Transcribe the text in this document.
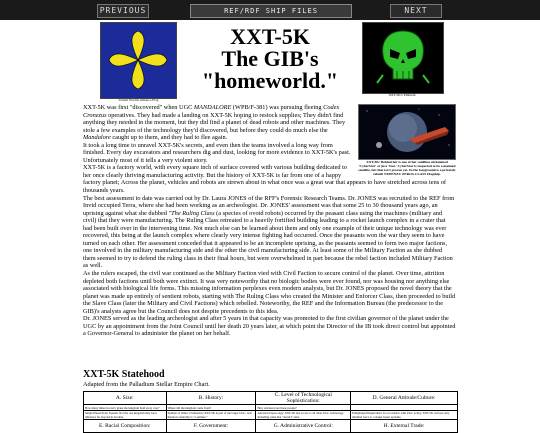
PREVIOUS	REF/RDF SHIP FILES	NEXT
United Worlds Alliance Flag
XXT-5K
The GIB's
"homeworld."
XXT-5K's Emblem
XXT-5K: Behind her is one of her satellites nicknamed 'CyberStar' or just 'Star.' CyberStar is suspected to be a manned satellite, but that isn't proven yet. In the foreground is a privately rebuilt NUPENZU ZEROS-CLASS Flagship.

XXT-5K was first "discovered" when UGC MANDALORE (WPB/F-381) was pursuing fleeing Codex Cronezus operatives. They had made a landing on XXT-5K hoping to restock supplies; They didn't find anything they needed in the moment, but they did find a planet of dead robots and other machines. They stole a few examples of the technology they'd discovered, but before they could do much else the Mandalore caught up to them, and they had to flee again.

It took a long time to unravel XXT-5K's secrets, and even then the teams involved a long way from finished. Every day excavators and researchers dig and dust, looking for more evidence to XXT-5K's past. Unfortunately most of it tells a very violent story.

XXT-5K is a factory world, with every square inch of surface covered with various building dedicated to her once clearly thriving manufacturing activity. But the history of XXT-5K is far from one of a happy factory planet; Across the planet, vehicles and robots are strewn about in what once was a great war that appears to have stretched across tens of thousands years.

The best assessment to date was carried out by Dr. Laura JONES of the RFF's Forensic Research Teams. Dr. JONES was recruited to the REF from Invid occupied Terra, where she had been working as an archeologist. Dr. JONES' assessment was that some 25 to 30 thousand years ago, an uprising against what she dubbed "The Ruling Class (a species of ovoid robots) occurred by the peasant class using the machines (military and civil) that they were manufacturing. The Ruling Class retreated to a heavily fortified building leading to a rocket launch complex in a crater that had been built over in the intervening time. Not much else can be learned about them and only one example of their unique technology was ever recovered, this being at the launch complex where clearly very intense fighting had occurred. Once the peasants won the war they seem to have turned on each other. Her assessment conceded that it appeared to be an incomplete uprising, as the peasants seemed to form two major factions, one involved in the military manufacturing side and the other the civil manufacturing side. At least some of the Military Faction as she dubbed them seemed to try to defend the ruling class in their final hours, but were overwhelmed in part because the rebel faction included Military Faction as well.

As the rulers escaped, the civil war continued as the Military Faction vied with Civil Faction to secure control of the planet. Over time, attrition depleted both factions until both were extinct. It was very noteworthy that no biologic bodies were ever found, nor was housing nor anything else associated with biological life forms. This missing information perplexes even modern analysts, but Dr. JONES proposed the novel theory that the planet was made up entirely of sentient robots, starting with The Ruling Class who created the Minister and Enforcer Class, then proceeded to build the Slave Class (later the Military and Civil Factions) which rebelled. Noteworthy, the REF and the Information Bureau (the predecessor to the GIB)'s analysts agree but the Council does not despite precedents to this idea.

Dr. JONES served as the leading archeologist and after 5 years in that capacity was promoted to the first civilian governor of the planet under the UGC by an appointment from the Joint Council until her death 20 years later, at which point the Director of the IB took direct control but appointed a Governor-General to administer the planet on her behalf.

XXT-5K Statehood
Adapted from the Palladium Stellar Empire Chart.
A. Size:	B. History:	C. Level of Technological Sophistication:	D. General Attitude/Culture:
How many miles in every plane the kingdom hold sway over?	Where did the kingdom come from?	How advanced are these people?	
Single Planet/Solar System. Not the one kingdom may have influence far beyond its borders.	Splinter of Other Civilization: XXT-5K is part of the larger UGC, and therefore naturally is "a splinter."	Advanced Space Age: XXT-5K has access to all other UGC technology. Including some that "doesn't" exist.	Enlightened Imperialists: In accordance with UGC policy, XXT-5K will use only minimal force to conquer lesser systems.
E. Racial Composition:	F. Government:	G. Administrative Control:	H. External Trade:
